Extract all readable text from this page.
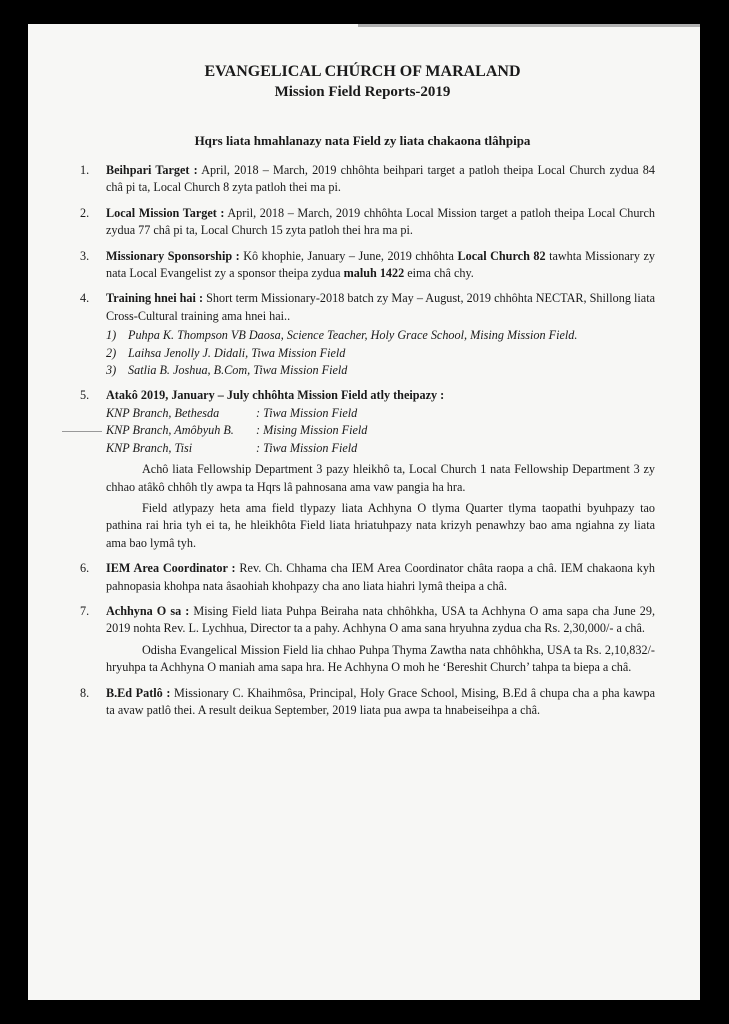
EVANGELICAL CHÚRCH OF MARALAND

Mission Field Reports-2019

Hqrs liata hmahlanazy nata Field zy liata chakaona tlâhpipa

1. Beihpari Target : April, 2018 – March, 2019 chhôhta beihpari target a patloh theipa Local Church zydua 84 châ pi ta, Local Church 8 zyta patloh thei ma pi.
2. Local Mission Target : April, 2018 – March, 2019 chhôhta Local Mission target a patloh theipa Local Church zydua 77 châ pi ta, Local Church 15 zyta patloh thei hra ma pi.
3. Missionary Sponsorship : Kô khophie, January – June, 2019 chhôhta Local Church 82 tawhta Missionary zy nata Local Evangelist zy a sponsor theipa zydua maluh 1422 eima châ chy.
4. Training hnei hai : Short term Missionary-2018 batch zy May – August, 2019 chhôhta NECTAR, Shillong liata Cross-Cultural training ama hnei hai..
1) Puhpa K. Thompson VB Daosa, Science Teacher, Holy Grace School, Mising Mission Field.
2) Laihsa Jenolly J. Didali, Tiwa Mission Field
3) Satlia B. Joshua, B.Com, Tiwa Mission Field
5. Atakô 2019, January – July chhôhta Mission Field atly theipazy :
KNP Branch, Bethesda	: Tiwa Mission Field
KNP Branch, Amôbyuh B.	: Mising Mission Field
KNP Branch, Tisi	: Tiwa Mission Field

Achô liata Fellowship Department 3 pazy hleikhô ta, Local Church 1 nata Fellowship Department 3 zy chhao atâkô chhôh tly awpa ta Hqrs lâ pahnosana ama vaw pangia ha hra.

Field atlypazy heta ama field tlypazy liata Achhyna O tlyma Quarter tlyma taopathi byuhpazy tao pathina rai hria tyh ei ta, he hleikhôta Field liata hriatuhpazy nata krizyh penawhzy bao ama ngiahna zy liata ama bao lymâ tyh.

6. IEM Area Coordinator : Rev. Ch. Chhama cha IEM Area Coordinator châta raopa a châ. IEM chakaona kyh pahnopasia khohpa nata âsaohiah khohpazy cha ano liata hiahri lymâ theipa a châ.
7. Achhyna O sa : Mising Field liata Puhpa Beiraha nata chhôhkha, USA ta Achhyna O ama sapa cha June 29, 2019 nohta Rev. L. Lychhua, Director ta a pahy. Achhyna O ama sana hryuhna zydua cha Rs. 2,30,000/- a châ.

Odisha Evangelical Mission Field lia chhao Puhpa Thyma Zawtha nata chhôhkha, USA ta Rs. 2,10,832/- hryuhpa ta Achhyna O maniah ama sapa hra. He Achhyna O moh he ‘Bereshit Church’ tahpa ta biepa a châ.

8. B.Ed Patlô : Missionary C. Khaihmôsa, Principal, Holy Grace School, Mising, B.Ed â chupa cha a pha kawpa ta avaw patlô thei. A result deikua September, 2019 liata pua awpa ta hnabeiseihpa a châ.
